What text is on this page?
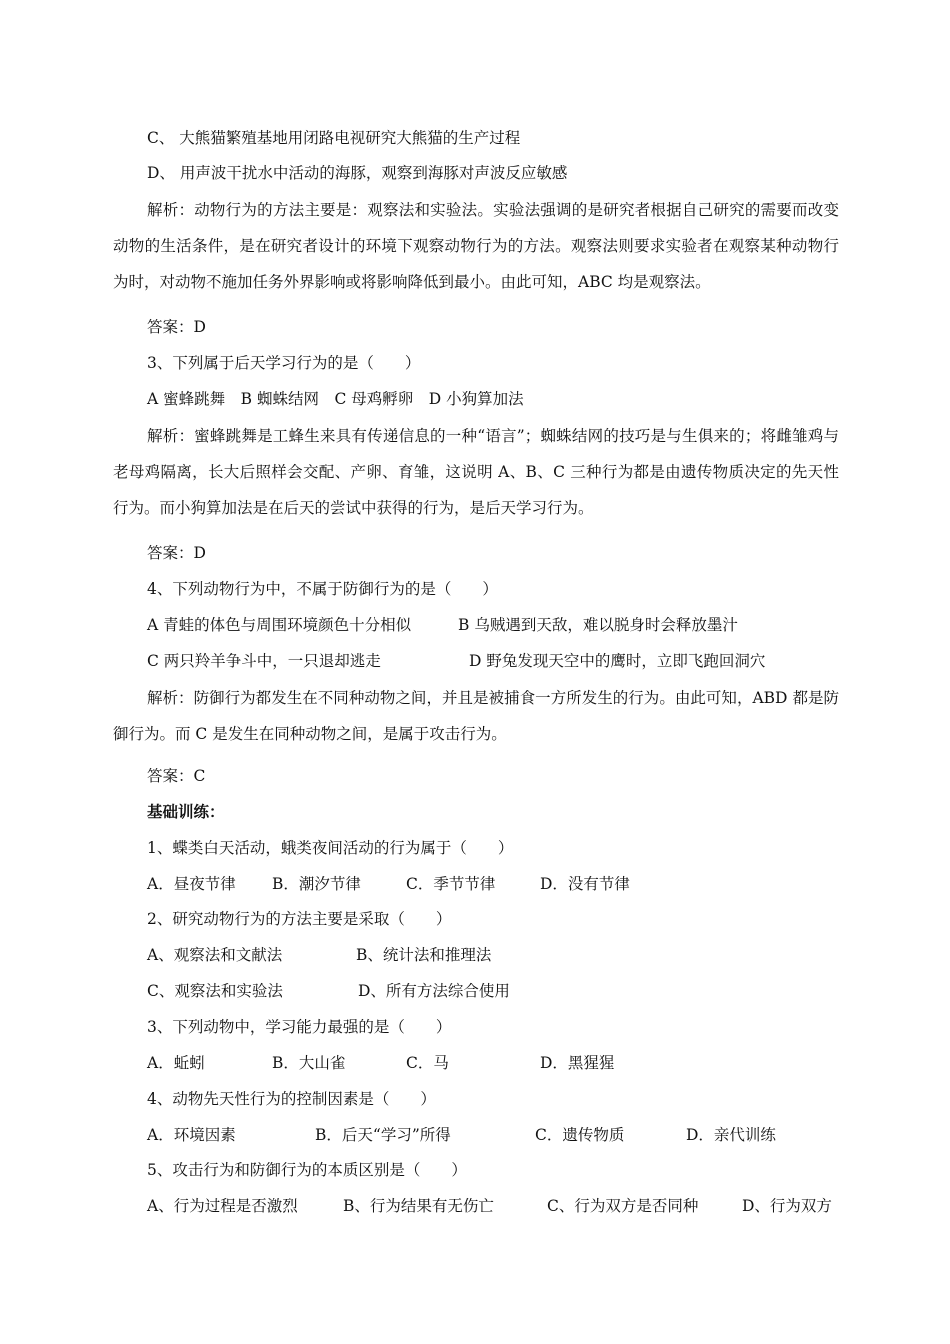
C、 大熊猫繁殖基地用闭路电视研究大熊猫的生产过程
D、 用声波干扰水中活动的海豚，观察到海豚对声波反应敏感

解析：动物行为的方法主要是：观察法和实验法。实验法强调的是研究者根据自己研究的需要而改变动物的生活条件，是在研究者设计的环境下观察动物行为的方法。观察法则要求实验者在观察某种动物行为时，对动物不施加任务外界影响或将影响降低到最小。由此可知，ABC 均是观察法。

答案：D
3、下列属于后天学习行为的是（　　）
A 蜜蜂跳舞　B 蜘蛛结网　C 母鸡孵卵　D 小狗算加法

解析：蜜蜂跳舞是工蜂生来具有传递信息的一种“语言”；蜘蛛结网的技巧是与生俱来的；将雌雏鸡与老母鸡隔离，长大后照样会交配、产卵、育雏，这说明 A、B、C 三种行为都是由遗传物质决定的先天性行为。而小狗算加法是在后天的尝试中获得的行为，是后天学习行为。

答案：D
4、下列动物行为中，不属于防御行为的是（　　）
A 青蛙的体色与周围环境颜色十分相似	B 乌贼遇到天敌，难以脱身时会释放墨汁
C 两只羚羊争斗中，一只退却逃走	D 野兔发现天空中的鹰时，立即飞跑回洞穴

解析：防御行为都发生在不同种动物之间，并且是被捕食一方所发生的行为。由此可知，ABD 都是防御行为。而 C 是发生在同种动物之间，是属于攻击行为。

答案：C
基础训练：
1、蝶类白天活动，蛾类夜间活动的行为属于（　　）
A．昼夜节律 B．潮汐节律	C．季节节律	D．没有节律
2、研究动物行为的方法主要是采取（　　）
A、观察法和文献法	B、统计法和推理法
C、观察法和实验法	D、所有方法综合使用
3、下列动物中，学习能力最强的是（　　）
A．蚯蚓	B．大山雀	C．马	D．黑猩猩
4、动物先天性行为的控制因素是（　　）
A．环境因素	B．后天“学习”所得	C．遗传物质	D．亲代训练
5、攻击行为和防御行为的本质区别是（　　）
A、行为过程是否激烈	B、行为结果有无伤亡	C、行为双方是否同种	D、行为双方
